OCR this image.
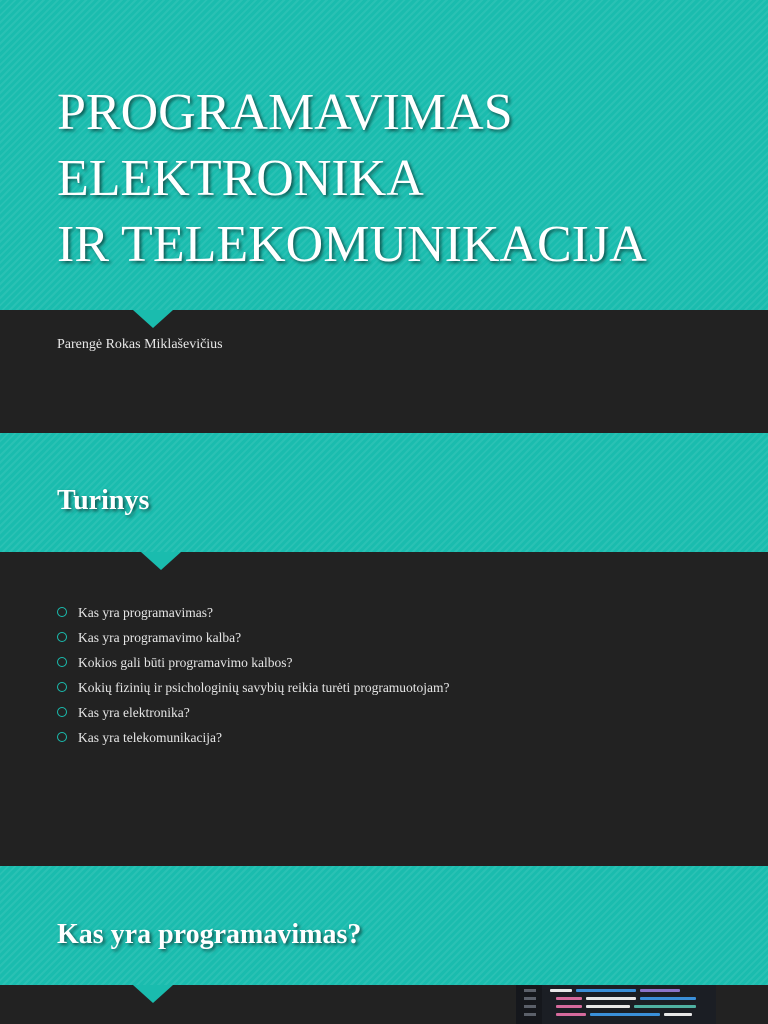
PROGRAMAVIMAS
ELEKTRONIKA
IR TELEKOMUNIKACIJA
Parengė Rokas Miklaševičius
Turinys
Kas yra programavimas?
Kas yra programavimo kalba?
Kokios gali būti programavimo kalbos?
Kokių fizinių ir psichologinių savybių reikia turėti programuotojam?
Kas yra elektronika?
Kas yra telekomunikacija?
Kas yra programavimas?
